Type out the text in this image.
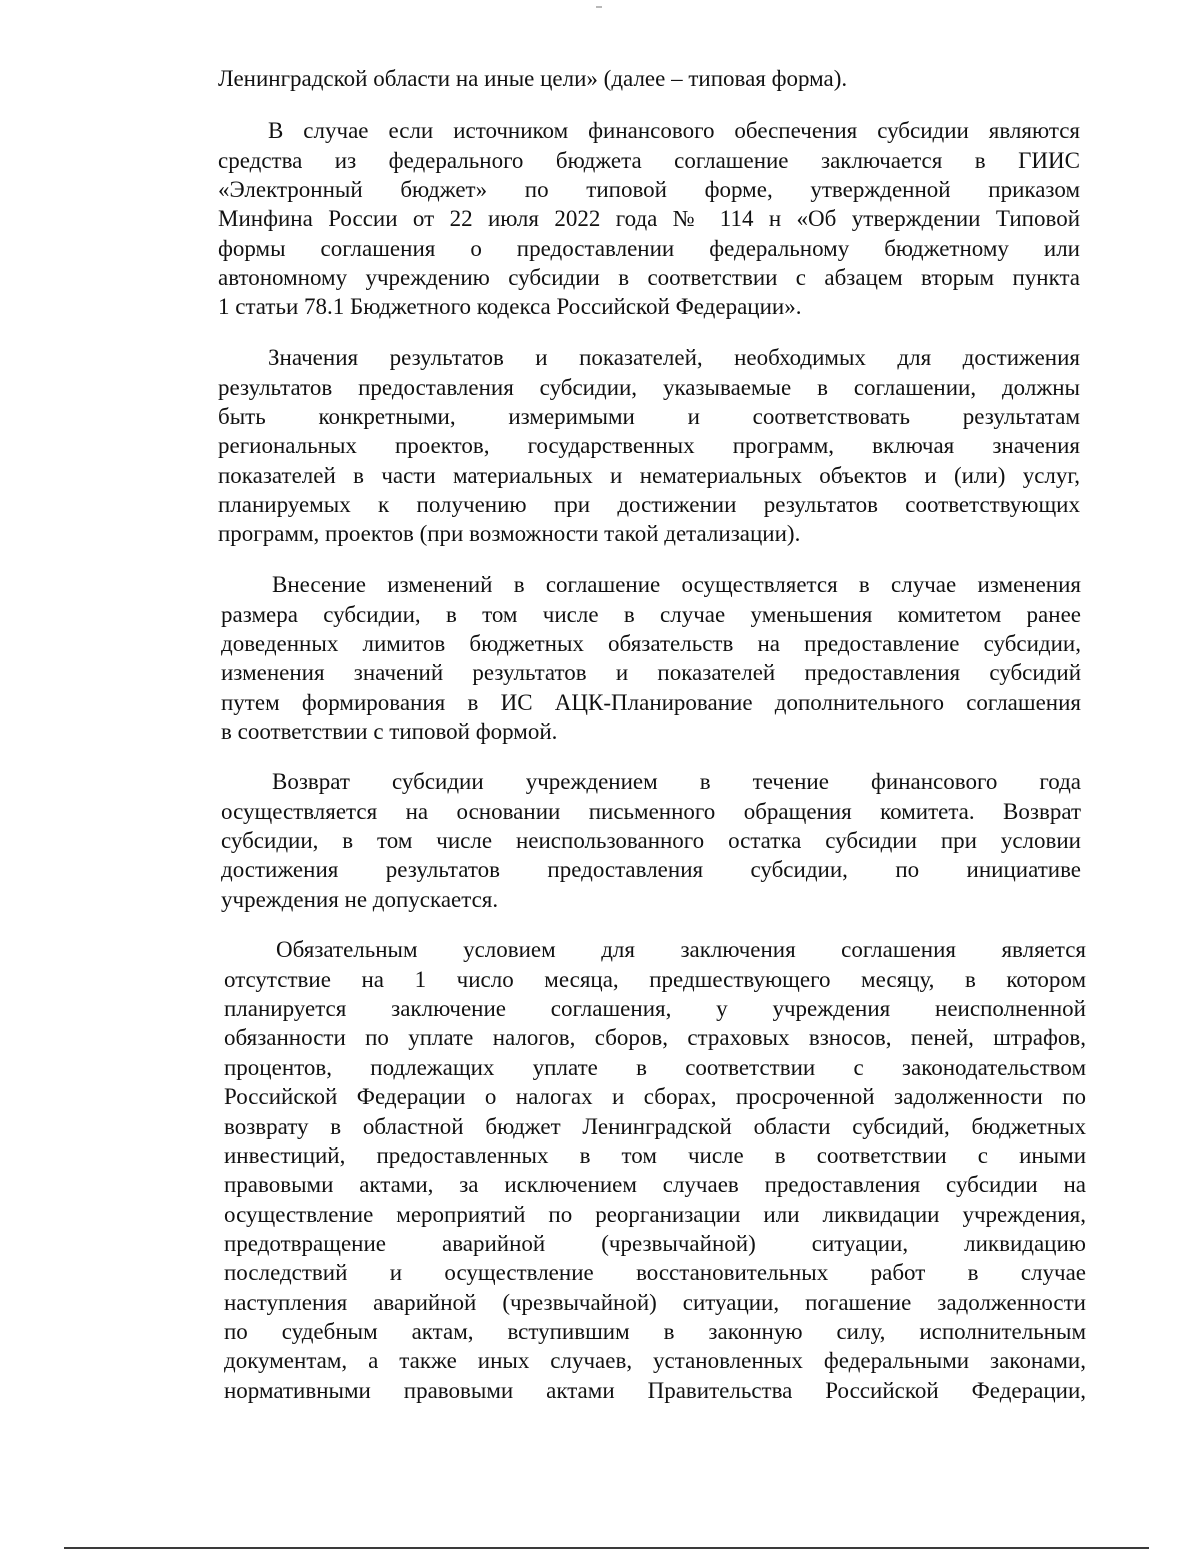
Ленинградской области на иные цели» (далее – типовая форма).
В случае если источником финансового обеспечения субсидии являются
средства из федерального бюджета соглашение заключается в ГИИС
«Электронный бюджет» по типовой форме, утвержденной приказом
Минфина России от 22 июля 2022 года № 114 н «Об утверждении Типовой
формы соглашения о предоставлении федеральному бюджетному или
автономному учреждению субсидии в соответствии с абзацем вторым пункта
1 статьи 78.1 Бюджетного кодекса Российской Федерации».
Значения результатов и показателей, необходимых для достижения
результатов предоставления субсидии, указываемые в соглашении, должны
быть конкретными, измеримыми и соответствовать результатам
региональных проектов, государственных программ, включая значения
показателей в части материальных и нематериальных объектов и (или) услуг,
планируемых к получению при достижении результатов соответствующих
программ, проектов (при возможности такой детализации).
Внесение изменений в соглашение осуществляется в случае изменения
размера субсидии, в том числе в случае уменьшения комитетом ранее
доведенных лимитов бюджетных обязательств на предоставление субсидии,
изменения значений результатов и показателей предоставления субсидий
путем формирования в ИС АЦК-Планирование дополнительного соглашения
в соответствии с типовой формой.
Возврат субсидии учреждением в течение финансового года
осуществляется на основании письменного обращения комитета. Возврат
субсидии, в том числе неиспользованного остатка субсидии при условии
достижения результатов предоставления субсидии, по инициативе
учреждения не допускается.
Обязательным условием для заключения соглашения является
отсутствие на 1 число месяца, предшествующего месяцу, в котором
планируется заключение соглашения, у учреждения неисполненной
обязанности по уплате налогов, сборов, страховых взносов, пеней, штрафов,
процентов, подлежащих уплате в соответствии с законодательством
Российской Федерации о налогах и сборах, просроченной задолженности по
возврату в областной бюджет Ленинградской области субсидий, бюджетных
инвестиций, предоставленных в том числе в соответствии с иными
правовыми актами, за исключением случаев предоставления субсидии на
осуществление мероприятий по реорганизации или ликвидации учреждения,
предотвращение аварийной (чрезвычайной) ситуации, ликвидацию
последствий и осуществление восстановительных работ в случае
наступления аварийной (чрезвычайной) ситуации, погашение задолженности
по судебным актам, вступившим в законную силу, исполнительным
документам, а также иных случаев, установленных федеральными законами,
нормативными правовыми актами Правительства Российской Федерации,
